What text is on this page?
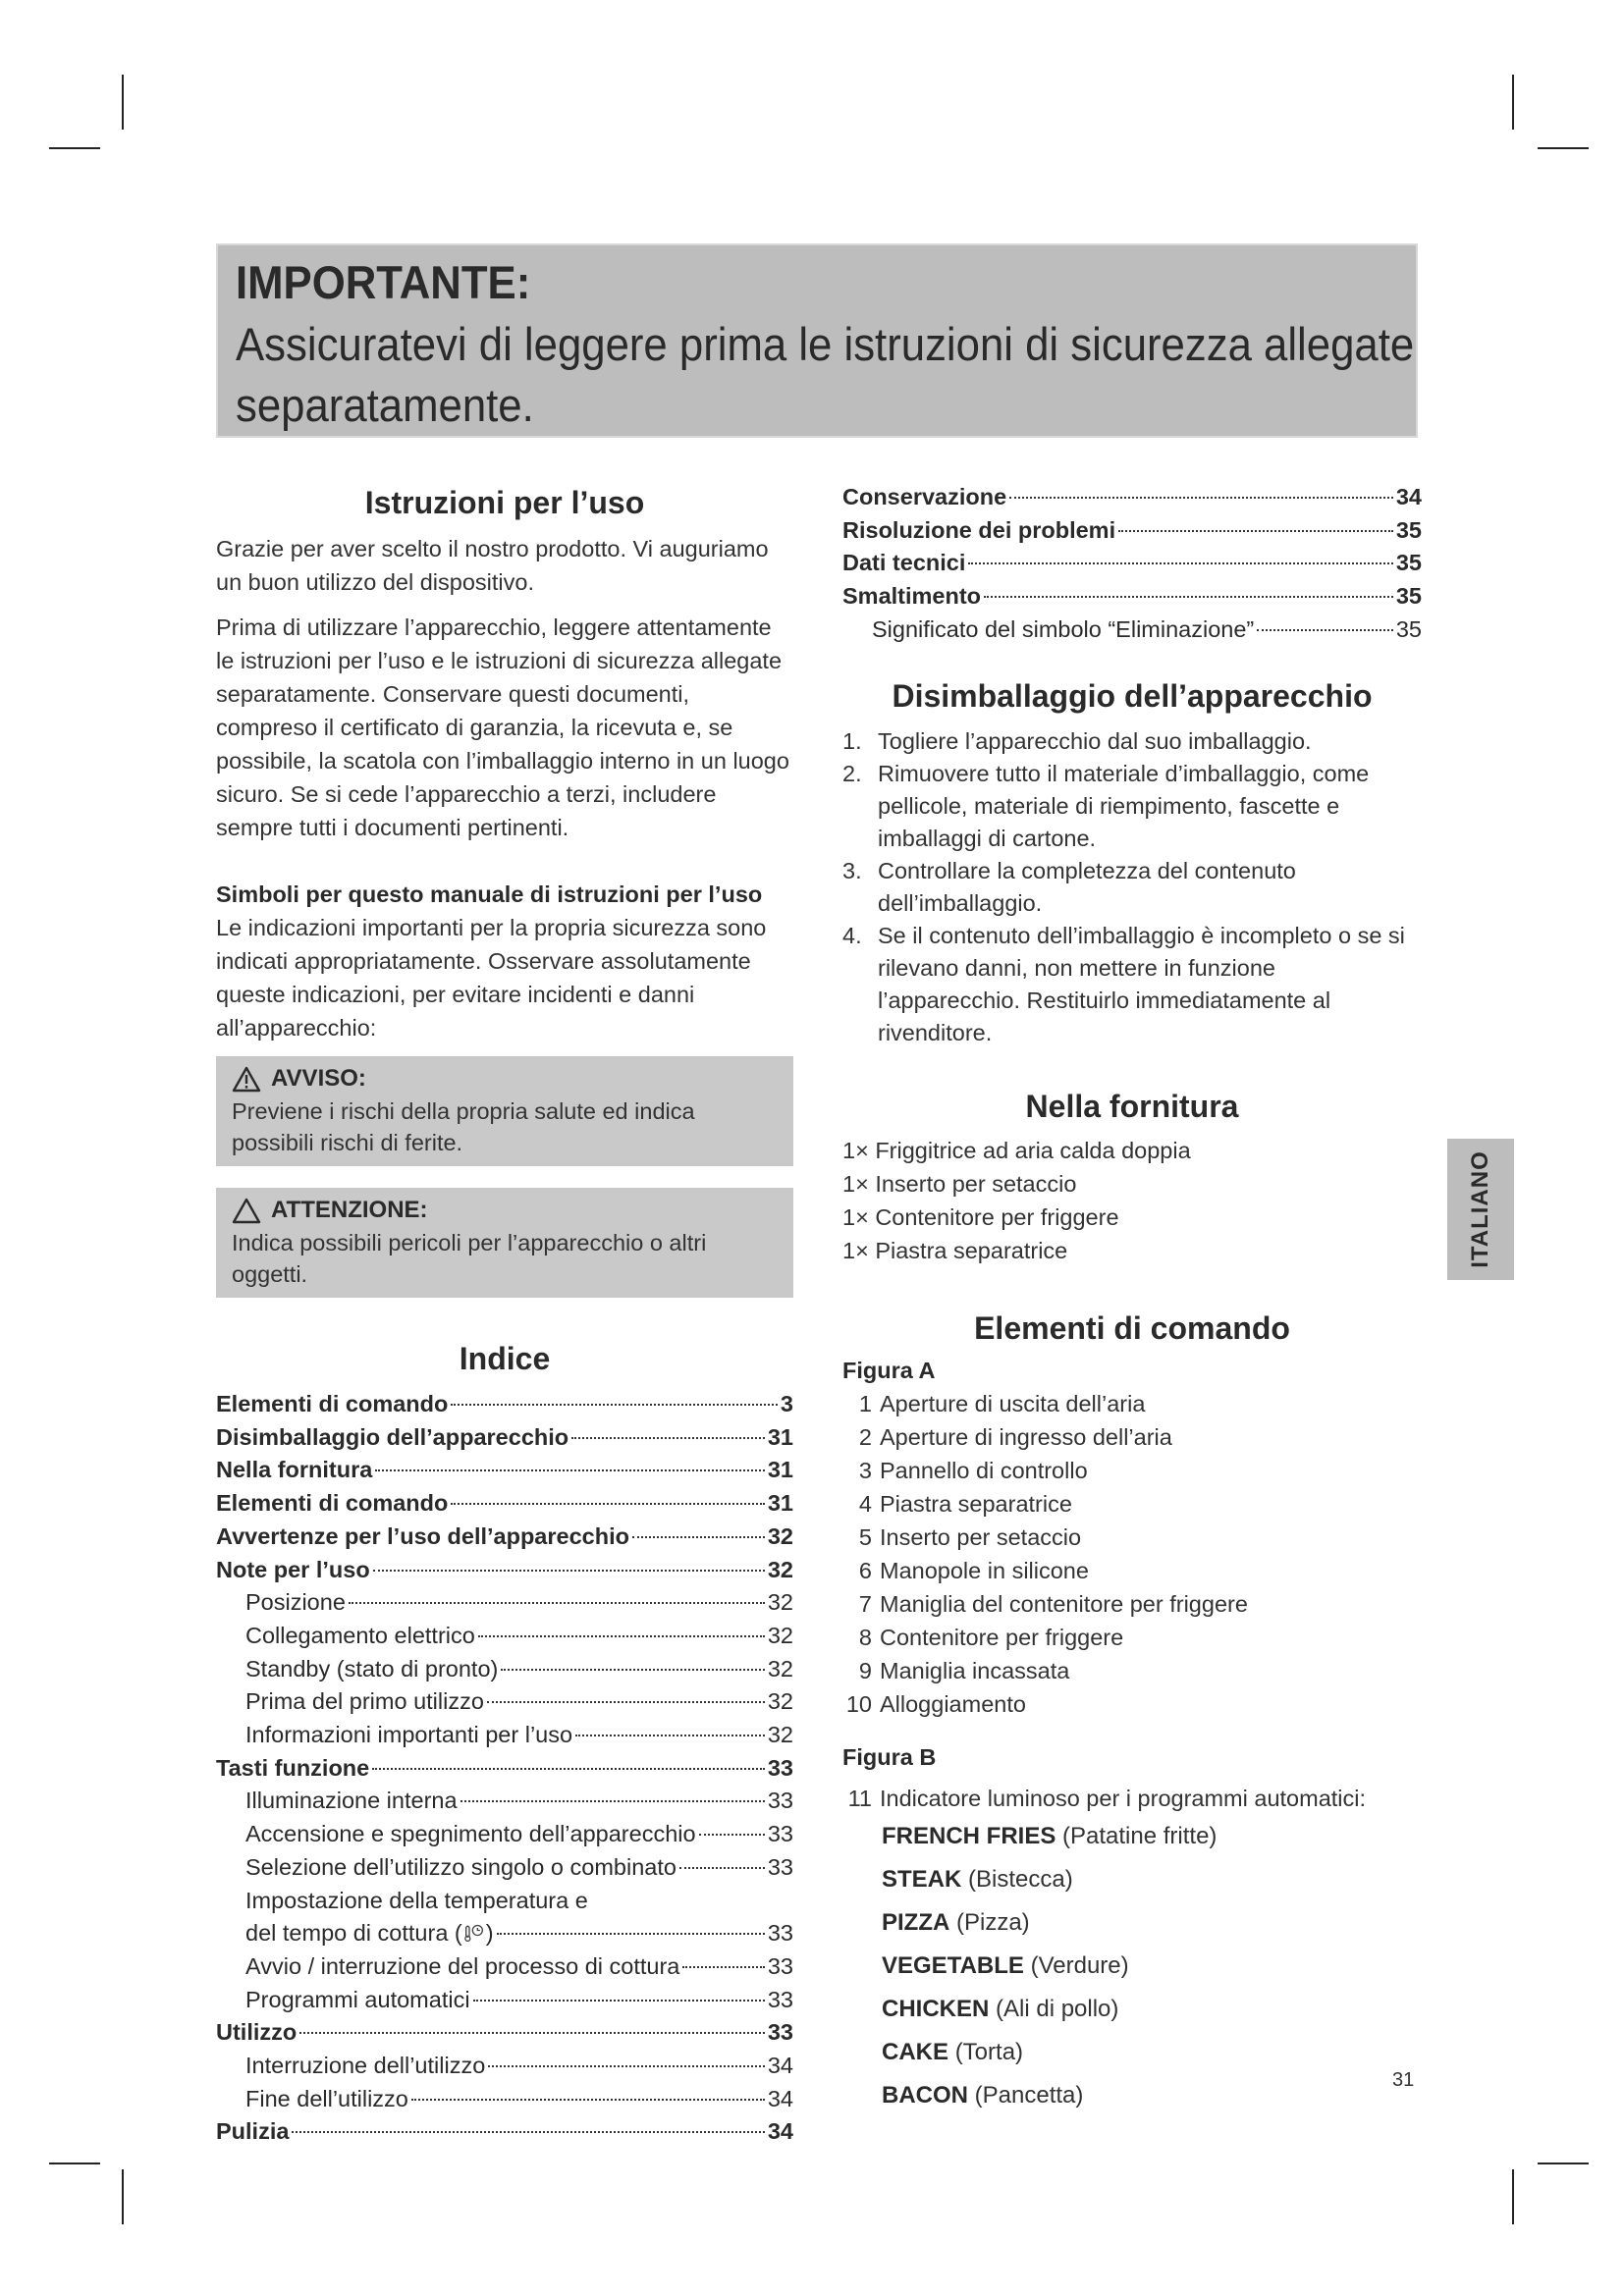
IMPORTANTE:

Assicuratevi di leggere prima le istruzioni di sicurezza allegate

separatamente.

Istruzioni per l’uso

Grazie per aver scelto il nostro prodotto. Vi auguriamo un buon utilizzo del dispositivo.

Prima di utilizzare l’apparecchio, leggere attentamente le istruzioni per l’uso e le istruzioni di sicurezza allegate separatamente. Conservare questi documenti, compreso il certificato di garanzia, la ricevuta e, se possibile, la scatola con l’imballaggio interno in un luogo sicuro. Se si cede l’apparecchio a terzi, includere sempre tutti i documenti pertinenti.

Simboli per questo manuale di istruzioni per l’uso

Le indicazioni importanti per la propria sicurezza sono indicati appropriatamente. Osservare assolutamente queste indicazioni, per evitare incidenti e danni all’apparecchio:

AVVISO:
Previene i rischi della propria salute ed indica possibili rischi di ferite.
ATTENZIONE:
Indica possibili pericoli per l’apparecchio o altri oggetti.
Indice
Elementi di comando	3
Disimballaggio dell’apparecchio	31
Nella fornitura	31
Elementi di comando	31
Avvertenze per l’uso dell’apparecchio	32
Note per l’uso	32
Posizione	32
Collegamento elettrico	32
Standby (stato di pronto)	32
Prima del primo utilizzo	32
Informazioni importanti per l’uso	32
Tasti funzione	33
Illuminazione interna	33
Accensione e spegnimento dell’apparecchio	33
Selezione dell’utilizzo singolo o combinato	33
Impostazione della temperatura e
del tempo di cottura ( )	33
Avvio / interruzione del processo di cottura	33
Programmi automatici	33
Utilizzo	33
Interruzione dell’utilizzo	34
Fine dell’utilizzo	34
Pulizia	34
Conservazione	34
Risoluzione dei problemi	35
Dati tecnici	35
Smaltimento	35
Significato del simbolo “Eliminazione”	35
Disimballaggio dell’apparecchio
1. Togliere l’apparecchio dal suo imballaggio.
2. Rimuovere tutto il materiale d’imballaggio, come pellicole, materiale di riempimento, fascette e imballaggi di cartone.
3. Controllare la completezza del contenuto dell’imballaggio.
4. Se il contenuto dell’imballaggio è incompleto o se si rilevano danni, non mettere in funzione l’apparecchio. Restituirlo immediatamente al rivenditore.
Nella fornitura
1× Friggitrice ad aria calda doppia
1× Inserto per setaccio
1× Contenitore per friggere
1× Piastra separatrice
Elementi di comando

Figura A

1 Aperture di uscita dell’aria
2 Aperture di ingresso dell’aria
3 Pannello di controllo
4 Piastra separatrice
5 Inserto per setaccio
6 Manopole in silicone
7 Maniglia del contenitore per friggere
8 Contenitore per friggere
9 Maniglia incassata
10 Alloggiamento

Figura B

11 Indicatore luminoso per i programmi automatici:
FRENCH FRIES (Patatine fritte)
STEAK (Bistecca)
PIZZA (Pizza)
VEGETABLE (Verdure)
CHICKEN (Ali di pollo)
CAKE (Torta)
BACON (Pancetta)
ITALIANO
31
